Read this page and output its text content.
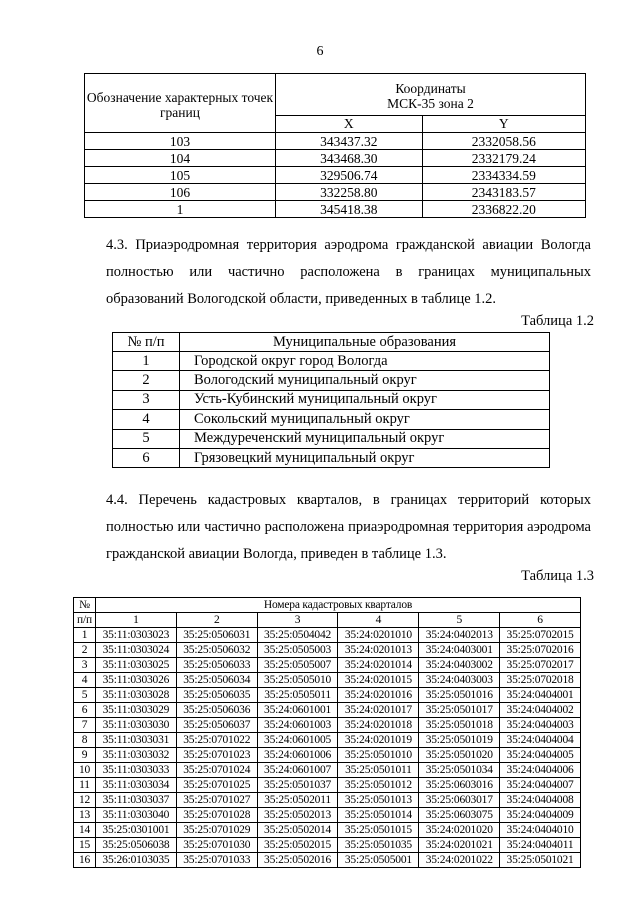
6
Обозначение характерных точек границ	Координаты
МСК-35 зона 2	

	X	Y
103	343437.32	2332058.56
104	343468.30	2332179.24
105	329506.74	2334334.59
106	332258.80	2343183.57
1	345418.38	2336822.20
4.3. Приаэродромная территория аэродрома гражданской авиации Вологда полностью или частично расположена в границах муниципальных образований Вологодской области, приведенных в таблице 1.2.
Таблица 1.2
№ п/п	Муниципальные образования
1	Городской округ город Вологда
2	Вологодский муниципальный округ
3	Усть-Кубинский муниципальный округ
4	Сокольский муниципальный округ
5	Междуреченский муниципальный округ
6	Грязовецкий муниципальный округ
4.4. Перечень кадастровых кварталов, в границах территорий которых полностью или частично расположена приаэродромная территория аэродрома гражданской авиации Вологда, приведен в таблице 1.3.
Таблица 1.3
№	Номера кадастровых кварталов					
п/п	1	2	3	4	5	6
1	35:11:0303023	35:25:0506031	35:25:0504042	35:24:0201010	35:24:0402013	35:25:0702015
2	35:11:0303024	35:25:0506032	35:25:0505003	35:24:0201013	35:24:0403001	35:25:0702016
3	35:11:0303025	35:25:0506033	35:25:0505007	35:24:0201014	35:24:0403002	35:25:0702017
4	35:11:0303026	35:25:0506034	35:25:0505010	35:24:0201015	35:24:0403003	35:25:0702018
5	35:11:0303028	35:25:0506035	35:25:0505011	35:24:0201016	35:25:0501016	35:24:0404001
6	35:11:0303029	35:25:0506036	35:24:0601001	35:24:0201017	35:25:0501017	35:24:0404002
7	35:11:0303030	35:25:0506037	35:24:0601003	35:24:0201018	35:25:0501018	35:24:0404003
8	35:11:0303031	35:25:0701022	35:24:0601005	35:24:0201019	35:25:0501019	35:24:0404004
9	35:11:0303032	35:25:0701023	35:24:0601006	35:25:0501010	35:25:0501020	35:24:0404005
10	35:11:0303033	35:25:0701024	35:24:0601007	35:25:0501011	35:25:0501034	35:24:0404006
11	35:11:0303034	35:25:0701025	35:25:0501037	35:25:0501012	35:25:0603016	35:24:0404007
12	35:11:0303037	35:25:0701027	35:25:0502011	35:25:0501013	35:25:0603017	35:24:0404008
13	35:11:0303040	35:25:0701028	35:25:0502013	35:25:0501014	35:25:0603075	35:24:0404009
14	35:25:0301001	35:25:0701029	35:25:0502014	35:25:0501015	35:24:0201020	35:24:0404010
15	35:25:0506038	35:25:0701030	35:25:0502015	35:25:0501035	35:24:0201021	35:24:0404011
16	35:26:0103035	35:25:0701033	35:25:0502016	35:25:0505001	35:24:0201022	35:25:0501021
